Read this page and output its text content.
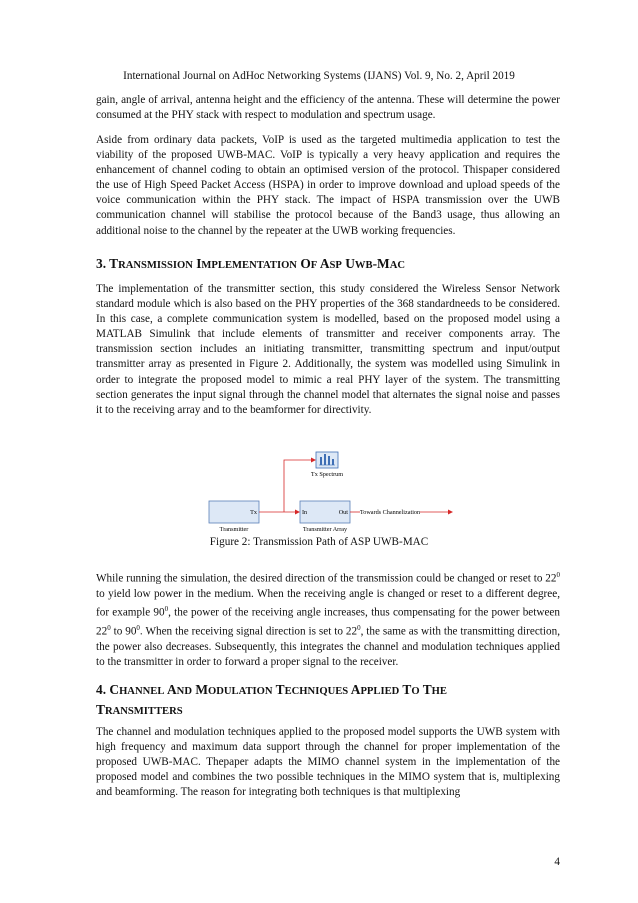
International Journal on AdHoc Networking Systems (IJANS) Vol. 9, No. 2, April 2019

gain, angle of arrival, antenna height and the efficiency of the antenna. These will determine the power consumed at the PHY stack with respect to modulation and spectrum usage.

Aside from ordinary data packets, VoIP is used as the targeted multimedia application to test the viability of the proposed UWB-MAC. VoIP is typically a very heavy application and requires the enhancement of channel coding to obtain an optimised version of the protocol. Thispaper considered the use of High Speed Packet Access (HSPA) in order to improve download and upload speeds of the voice communication within the PHY stack. The impact of HSPA transmission over the UWB communication channel will stabilise the protocol because of the Band3 usage, thus allowing an additional noise to the channel by the repeater at the UWB working frequencies.

3. TRANSMISSION IMPLEMENTATION OF ASP UWB-MAC

The implementation of the transmitter section, this study considered the Wireless Sensor Network standard module which is also based on the PHY properties of the 368 standardneeds to be considered. In this case, a complete communication system is modelled, based on the proposed model using a MATLAB Simulink that include elements of transmitter and receiver components array. The transmission section includes an initiating transmitter, transmitting spectrum and input/output transmitter array as presented in Figure 2. Additionally, the system was modelled using Simulink in order to integrate the proposed model to mimic a real PHY layer of the system. The transmitting section generates the input signal through the channel model that alternates the signal noise and passes it to the receiving array and to the beamformer for directivity.

Tx Spectrum
Tx
Transmitter
In	Out
Transmitter Array
Towards Channelization
Figure 2: Transmission Path of ASP UWB-MAC

While running the simulation, the desired direction of the transmission could be changed or reset to $22^0$ to yield low power in the medium. When the receiving angle is changed or reset to a different degree, for example $90^0$, the power of the receiving angle increases, thus compensating for the power between $22^0$ to $90^0$. When the receiving signal direction is set to $22^0$, the same as with the transmitting direction, the power also decreases. Subsequently, this integrates the channel and modulation techniques applied to the transmitter in order to forward a proper signal to the receiver.

4. CHANNEL AND MODULATION TECHNIQUES APPLIED TO THE
TRANSMITTERS

The channel and modulation techniques applied to the proposed model supports the UWB system with high frequency and maximum data support through the channel for proper implementation of the proposed UWB-MAC. Thepaper adapts the MIMO channel system in the implementation of the proposed model and combines the two possible techniques in the MIMO system that is, multiplexing and beamforming. The reason for integrating both techniques is that multiplexing

4
